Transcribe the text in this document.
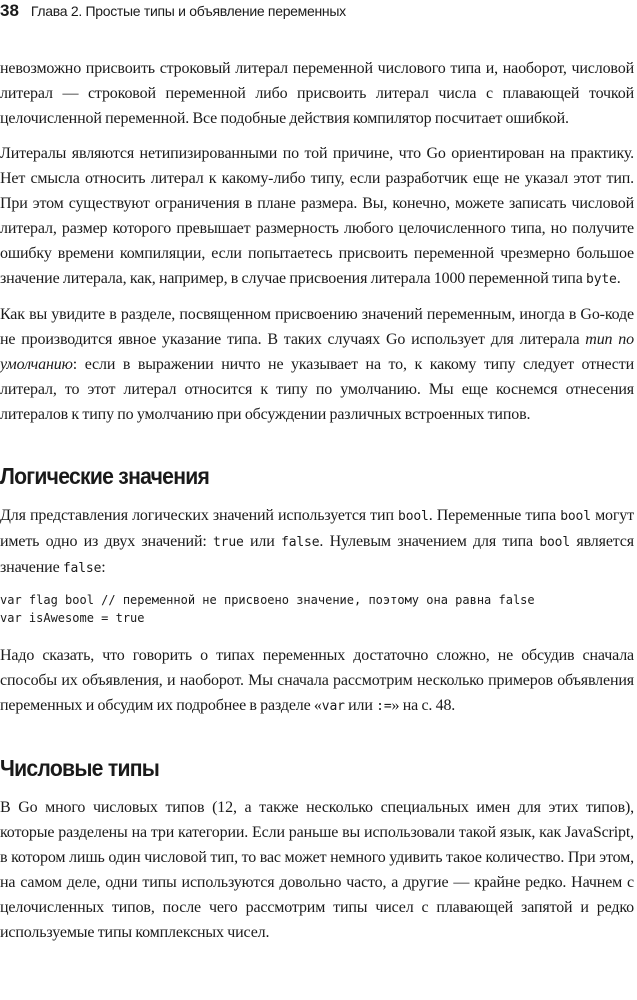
38 Глава 2. Простые типы и объявление переменных

невозможно присвоить строковый литерал переменной числового типа и, наоборот, числовой литерал — строковой переменной либо присвоить литерал числа с плавающей точкой целочисленной переменной. Все подобные действия компилятор посчитает ошибкой.

Литералы являются нетипизированными по той причине, что Go ориентирован на практику. Нет смысла относить литерал к какому-либо типу, если разработчик еще не указал этот тип. При этом существуют ограничения в плане размера. Вы, конечно, можете записать числовой литерал, размер которого превышает размерность любого целочисленного типа, но получите ошибку времени компиляции, если попытаетесь присвоить переменной чрезмерно большое значение литерала, как, например, в случае присвоения литерала 1000 переменной типа byte.

Как вы увидите в разделе, посвященном присвоению значений переменным, иногда в Go-коде не производится явное указание типа. В таких случаях Go использует для литерала тип по умолчанию: если в выражении ничто не указывает на то, к какому типу следует отнести литерал, то этот литерал относится к типу по умолчанию. Мы еще коснемся отнесения литералов к типу по умолчанию при обсуждении различных встроенных типов.

Логические значения

Для представления логических значений используется тип bool. Переменные типа bool могут иметь одно из двух значений: true или false. Нулевым значением для типа bool является значение false:

var flag bool // переменной не присвоено значение, поэтому она равна false
var isAwesome = true

Надо сказать, что говорить о типах переменных достаточно сложно, не обсудив сначала способы их объявления, и наоборот. Мы сначала рассмотрим несколько примеров объявления переменных и обсудим их подробнее в разделе «var или :=» на с. 48.

Числовые типы

В Go много числовых типов (12, а также несколько специальных имен для этих типов), которые разделены на три категории. Если раньше вы использовали такой язык, как JavaScript, в котором лишь один числовой тип, то вас может немного удивить такое количество. При этом, на самом деле, одни типы используются довольно часто, а другие — крайне редко. Начнем с целочисленных типов, после чего рассмотрим типы чисел с плавающей запятой и редко используемые типы комплексных чисел.
